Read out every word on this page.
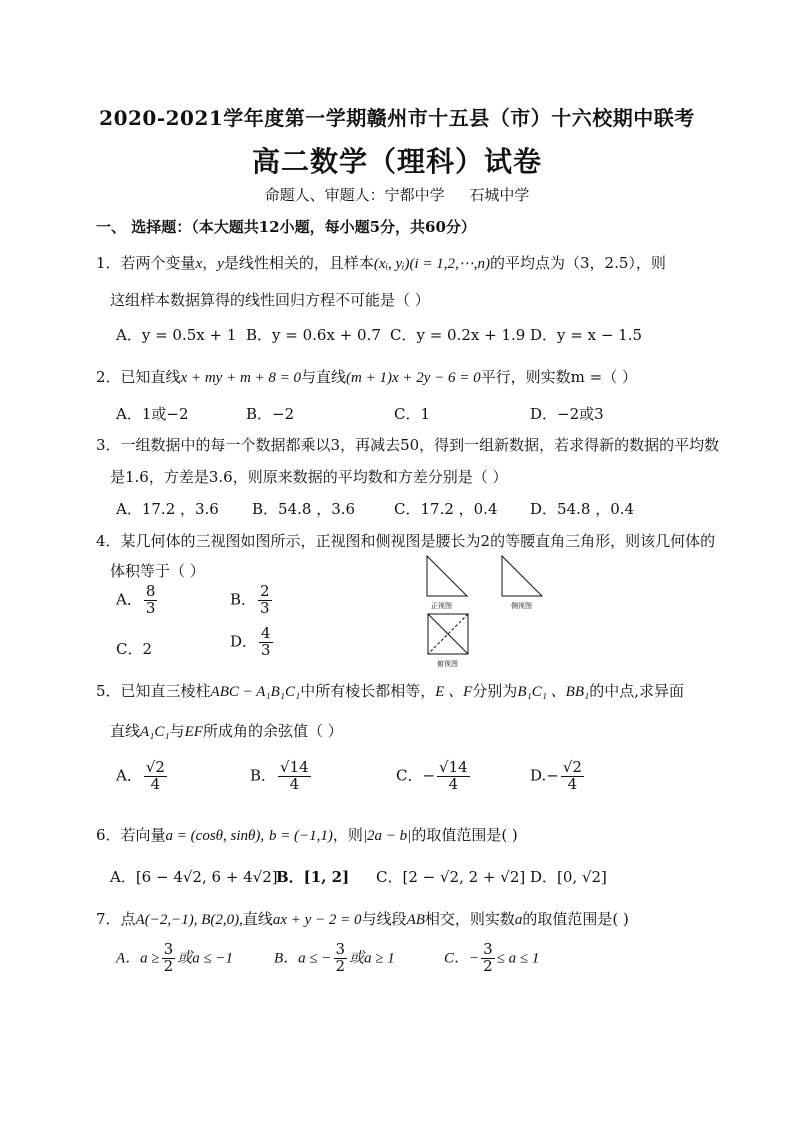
2020-2021学年度第一学期赣州市十五县（市）十六校期中联考
高二数学（理科）试卷
命题人、审题人：宁都中学 石城中学
一、 选择题：（本大题共12小题，每小题5分，共60分）
1．若两个变量x，y是线性相关的，且样本(xᵢ, yᵢ)(i = 1,2,⋯,n)的平均点为（3，2.5），则
这组样本数据算得的线性回归方程不可能是（ ）
A．y = 0.5x + 1 B．y = 0.6x + 0.7 C．y = 0.2x + 1.9 D．y = x − 1.5
2．已知直线x + my + m + 8 = 0与直线(m + 1)x + 2y − 6 = 0平行，则实数m =（ ）
A．1或−2	B．−2	C．1	D．−2或3
3．一组数据中的每一个数据都乘以3，再减去50，得到一组新数据，若求得新的数据的平均数
是1.6，方差是3.6，则原来数据的平均数和方差分别是（ ）
A．17.2 ，3.6 B．54.8 ，3.6	C．17.2 ，0.4 D．54.8 ，0.4
4．某几何体的三视图如图所示，正视图和侧视图是腰长为2的等腰直角三角形，则该几何体的
体积等于（ ）
A． $\frac{8}{3}$	B． $\frac{2}{3}$
C．2	D． $\frac{4}{3}$
正视图	侧视图
俯视图
5．已知直三棱柱ABC − A₁B₁C₁中所有棱长都相等，E 、F分别为B₁C₁ 、BB₁的中点,求异面
直线A₁C₁与EF所成角的余弦值（ ）
A． $\frac{√2}{4}$	B． $\frac{√14}{4}$	C．− $\frac{√14}{4}$	$D.- \frac{√2}{4}$
6．若向量a = (cosθ, sinθ), b = (−1,1)，则|2a − b|的取值范围是( )
A．[6 − 4√2, 6 + 4√2]
B．[1, 2] C．[2 − √2, 2 + √2] D．[0, √2]
7．点A(−2,−1), B(2,0),直线ax + y − 2 = 0与线段AB相交，则实数a的取值范围是( )
A．$a \ge \frac{3}{2}$ 或a ≤ −1	B．a ≤ − $\frac{3}{2}$ 或a ≥ 1	C．− $\frac{3}{2} \le a \le 1$
